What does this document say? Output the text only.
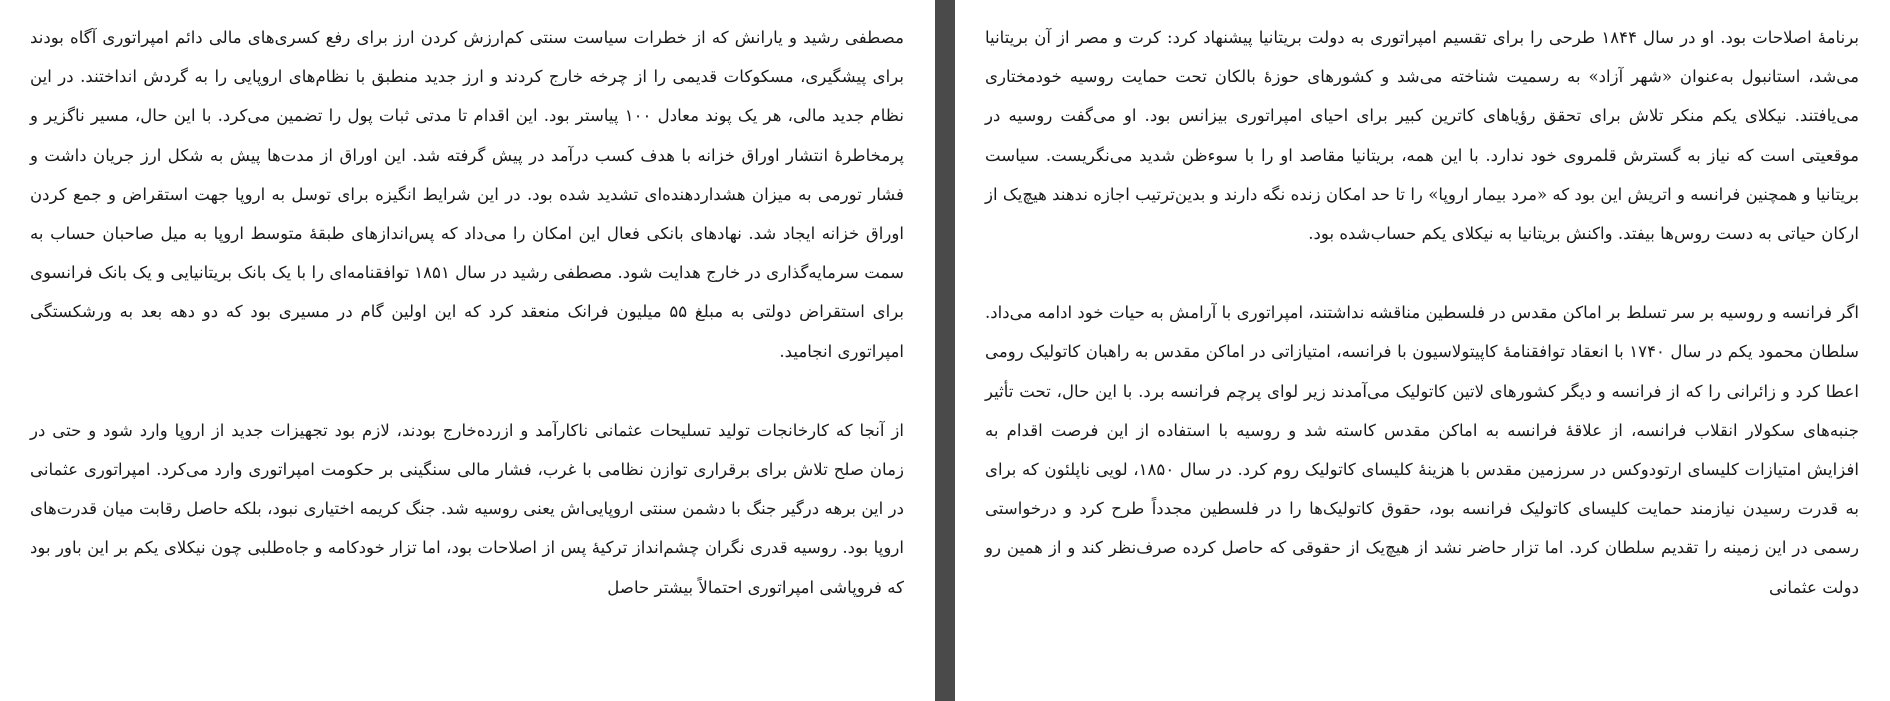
مصطفی رشید و یارانش که از خطرات سیاست سنتی کم‌ارزش کردن ارز برای رفع کسری‌های مالی دائم امپراتوری آگاه بودند برای پیشگیری، مسکوکات قدیمی را از چرخه خارج کردند و ارز جدید منطبق با نظام‌های اروپایی را به گردش انداختند. در این نظام جدید مالی، هر یک پوند معادل ۱۰۰ پیاستر بود. این اقدام تا مدتی ثبات پول را تضمین می‌کرد. با این حال، مسیر ناگزیر و پرمخاطرهٔ انتشار اوراق خزانه با هدف کسب درآمد در پیش گرفته شد. این اوراق از مدت‌ها پیش به شکل ارز جریان داشت و فشار تورمی به میزان هشداردهنده‌ای تشدید شده بود. در این شرایط انگیزه برای توسل به اروپا جهت استقراض و جمع کردن اوراق خزانه ایجاد شد. نهادهای بانکی فعال این امکان را می‌داد که پس‌اندازهای طبقهٔ متوسط اروپا به میل صاحبان حساب به سمت سرمایه‌گذاری در خارج هدایت شود. مصطفی رشید در سال ۱۸۵۱ توافقنامه‌ای را با یک بانک بریتانیایی و یک بانک فرانسوی برای استقراض دولتی به مبلغ ۵۵ میلیون فرانک منعقد کرد که این اولین گام در مسیری بود که دو دهه بعد به ورشکستگی امپراتوری انجامید.

از آنجا که کارخانجات تولید تسلیحات عثمانی ناکارآمد و ازرده‌خارج بودند، لازم بود تجهیزات جدید از اروپا وارد شود و حتی در زمان صلح تلاش برای برقراری توازن نظامی با غرب، فشار مالی سنگینی بر حکومت امپراتوری وارد می‌کرد. امپراتوری عثمانی در این برهه درگیر جنگ با دشمن سنتی اروپایی‌اش یعنی روسیه شد. جنگ کریمه اختیاری نبود، بلکه حاصل رقابت میان قدرت‌های اروپا بود. روسیه قدری نگران چشم‌انداز ترکیهٔ پس از اصلاحات بود، اما تزار خودکامه و جاه‌طلبی چون نیکلای یکم بر این باور بود که فروپاشی امپراتوری احتمالاً بیشتر حاصل

برنامهٔ اصلاحات بود. او در سال ۱۸۴۴ طرحی را برای تقسیم امپراتوری به دولت بریتانیا پیشنهاد کرد: کرت و مصر از آن بریتانیا می‌شد، استانبول به‌عنوان «شهر آزاد» به رسمیت شناخته می‌شد و کشورهای حوزهٔ بالکان تحت حمایت روسیه خودمختاری می‌یافتند. نیکلای یکم منکر تلاش برای تحقق رؤیاهای کاترین کبیر برای احیای امپراتوری بیزانس بود. او می‌گفت روسیه در موقعیتی است که نیاز به گسترش قلمروی خود ندارد. با این همه، بریتانیا مقاصد او را با سوءظن شدید می‌نگریست. سیاست بریتانیا و همچنین فرانسه و اتریش این بود که «مرد بیمار اروپا» را تا حد امکان زنده نگه دارند و بدین‌ترتیب اجازه ندهند هیچ‌یک از ارکان حیاتی به دست روس‌ها بیفتد. واکنش بریتانیا به نیکلای یکم حساب‌شده بود.

اگر فرانسه و روسیه بر سر تسلط بر اماکن مقدس در فلسطین مناقشه نداشتند، امپراتوری با آرامش به حیات خود ادامه می‌داد. سلطان محمود یکم در سال ۱۷۴۰ با انعقاد توافقنامهٔ کاپیتولاسیون با فرانسه، امتیازاتی در اماکن مقدس به راهبان کاتولیک رومی اعطا کرد و زائرانی را که از فرانسه و دیگر کشورهای لاتین کاتولیک می‌آمدند زیر لوای پرچم فرانسه برد. با این حال، تحت تأثیر جنبه‌های سکولار انقلاب فرانسه، از علاقهٔ فرانسه به اماکن مقدس کاسته شد و روسیه با استفاده از این فرصت اقدام به افزایش امتیازات کلیسای ارتودوکس در سرزمین مقدس با هزینهٔ کلیسای کاتولیک روم کرد. در سال ۱۸۵۰، لویی ناپلئون که برای به قدرت رسیدن نیازمند حمایت کلیسای کاتولیک فرانسه بود، حقوق کاتولیک‌ها را در فلسطین مجدداً طرح کرد و درخواستی رسمی در این زمینه را تقدیم سلطان کرد. اما تزار حاضر نشد از هیچ‌یک از حقوقی که حاصل کرده صرف‌نظر کند و از همین رو دولت عثمانی
